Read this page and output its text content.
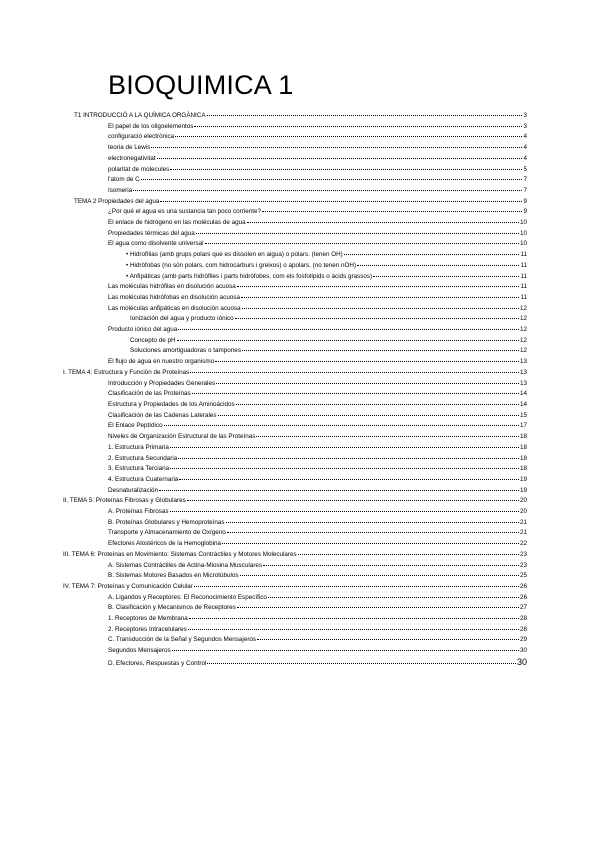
BIOQUIMICA 1
T1 INTRODUCCIÓ A LA QUÍMICA ORGÀNICA	3
El papel de los oligoelementos	3
configuració electrònica	4
teoria de Lewis	4
electronegativitat	4
polaritat de molecules	5
l'atom de C	7
Isomeria	7
TEMA 2 Propiedades del agua	9
¿Por qué el agua es una sustancia tan poco corriente?	9
El enlace de hidrógeno en las moléculas de agua	10
Propiedades térmicas del agua	10
El agua como disolvente universal	10
• Hidrofílias (amb grups polars que es dissolen en aigua) o polars. (tenen OH)	11
• Hidròfobas (no són polars, com hidrocarburs i greixos) o apolars. (no tenen nOH)	11
• Anfipáticas (amb parts hidròfiles i parts hidròfobes, com els fosfolípids o àcids grassos)	11
Las moléculas hidrófilas en disolución acuosa	11
Las moléculas hidrófobas en disolución acuosa	11
Las moléculas anfipáticas en disolución acuosa	12
Ionización del agua y producto iónico	12
Producto iónico del agua	12
Concepto de pH	12
Soluciones amortiguadoras o tampones	12
El flujo de agua en nuestro organismo	13
I. TEMA 4: Estructura y Función de Proteínas	13
Introducción y Propiedades Generales	13
Clasificación de las Proteínas	14
Estructura y Propiedades de los Aminoácidos	14
Clasificación de las Cadenas Laterales	15
El Enlace Peptídico	17
Niveles de Organización Estructural de las Proteínas	18
1. Estructura Primaria	18
2. Estructura Secundaria	18
3. Estructura Terciaria	18
4. Estructura Cuaternaria	19
Desnaturalización	19
II. TEMA 5: Proteínas Fibrosas y Globulares	20
A. Proteínas Fibrosas	20
B. Proteínas Globulares y Hemoproteínas	21
Transporte y Almacenamiento de Oxígeno	21
Efectores Alostéricos de la Hemoglobina	22
III. TEMA 6: Proteínas en Movimiento: Sistemas Contráctiles y Motores Moleculares	23
A. Sistemas Contráctiles de Actina-Miosina Musculares	23
B. Sistemas Motores Basados en Microtúbulos	25
IV. TEMA 7: Proteínas y Comunicación Celular	26
A. Ligandos y Receptores: El Reconocimiento Específico	26
B. Clasificación y Mecanismos de Receptores	27
1. Receptores de Membrana	28
2. Receptores Intracelulares	28
C. Transducción de la Señal y Segundos Mensajeros	29
Segundos Mensajeros	30
D. Efectores, Respuestas y Control	30
